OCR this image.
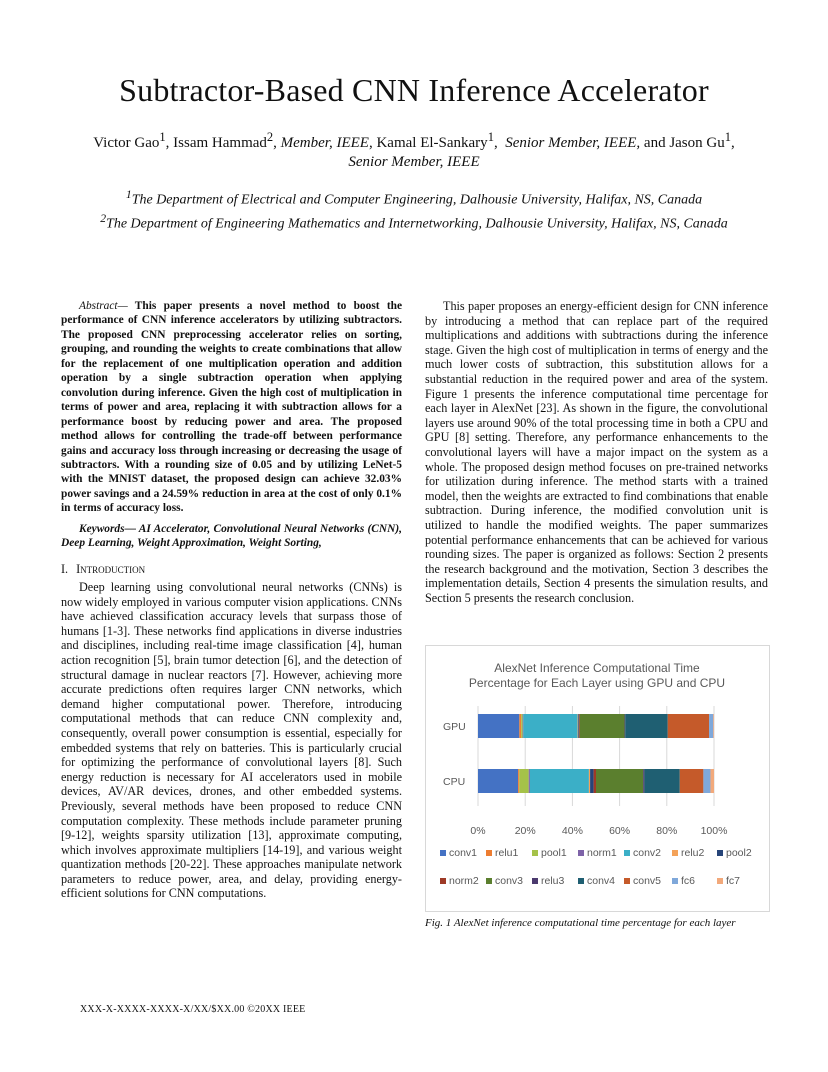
Subtractor-Based CNN Inference Accelerator
Victor Gao$^1$, Issam Hammad$^2$, Member, IEEE, Kamal El-Sankary$^1$,  Senior Member, IEEE, and Jason Gu$^1$,
Senior Member, IEEE
$^1$The Department of Electrical and Computer Engineering, Dalhousie University, Halifax, NS, Canada
$^2$The Department of Engineering Mathematics and Internetworking, Dalhousie University, Halifax, NS, Canada
Abstract— This paper presents a novel method to boost the performance of CNN inference accelerators by utilizing subtractors. The proposed CNN preprocessing accelerator relies on sorting, grouping, and rounding the weights to create combinations that allow for the replacement of one multiplication operation and addition operation by a single subtraction operation when applying convolution during inference. Given the high cost of multiplication in terms of power and area, replacing it with subtraction allows for a performance boost by reducing power and area. The proposed method allows for controlling the trade-off between performance gains and accuracy loss through increasing or decreasing the usage of subtractors. With a rounding size of 0.05 and by utilizing LeNet-5 with the MNIST dataset, the proposed design can achieve 32.03% power savings and a 24.59% reduction in area at the cost of only 0.1% in terms of accuracy loss.
Keywords— AI Accelerator, Convolutional Neural Networks (CNN), Deep Learning, Weight Approximation, Weight Sorting,
I. Introduction
Deep learning using convolutional neural networks (CNNs) is now widely employed in various computer vision applications. CNNs have achieved classification accuracy levels that surpass those of humans [1-3]. These networks find applications in diverse industries and disciplines, including real-time image classification [4], human action recognition [5], brain tumor detection [6], and the detection of structural damage in nuclear reactors [7]. However, achieving more accurate predictions often requires larger CNN networks, which demand higher computational power. Therefore, introducing computational methods that can reduce CNN complexity and, consequently, overall power consumption is essential, especially for embedded systems that rely on batteries. This is particularly crucial for optimizing the performance of convolutional layers [8]. Such energy reduction is necessary for AI accelerators used in mobile devices, AV/AR devices, drones, and other embedded systems. Previously, several methods have been proposed to reduce CNN computation complexity. These methods include parameter pruning [9-12], weights sparsity utilization [13], approximate computing, which involves approximate multipliers [14-19], and various weight quantization methods [20-22]. These approaches manipulate network parameters to reduce power, area, and delay, providing energy-efficient solutions for CNN computations.
This paper proposes an energy-efficient design for CNN inference by introducing a method that can replace part of the required multiplications and additions with subtractions during the inference stage. Given the high cost of multiplication in terms of energy and the much lower costs of subtraction, this substitution allows for a substantial reduction in the required power and area of the system. Figure 1 presents the inference computational time percentage for each layer in AlexNet [23]. As shown in the figure, the convolutional layers use around 90% of the total processing time in both a CPU and GPU [8] setting. Therefore, any performance enhancements to the convolutional layers will have a major impact on the system as a whole. The proposed design method focuses on pre-trained networks for utilization during inference. The method starts with a trained model, then the weights are extracted to find combinations that enable subtraction. During inference, the modified convolution unit is utilized to handle the modified weights. The paper summarizes potential performance enhancements that can be achieved for various rounding sizes. The paper is organized as follows: Section 2 presents the research background and the motivation, Section 3 describes the implementation details, Section 4 presents the simulation results, and Section 5 presents the research conclusion.
AlexNet Inference Computational Time
Percentage for Each Layer using GPU and CPU
0%	20% 40% 60% 80% 100%
GPU
CPU
conv1 relu1 pool1 norm1 conv2 relu2 pool2
norm2 conv3 relu3 conv4 conv5 fc6	fc7
Fig. 1 AlexNet inference computational time percentage for each layer
XXX-X-XXXX-XXXX-X/XX/$XX.00 ©20XX IEEE
